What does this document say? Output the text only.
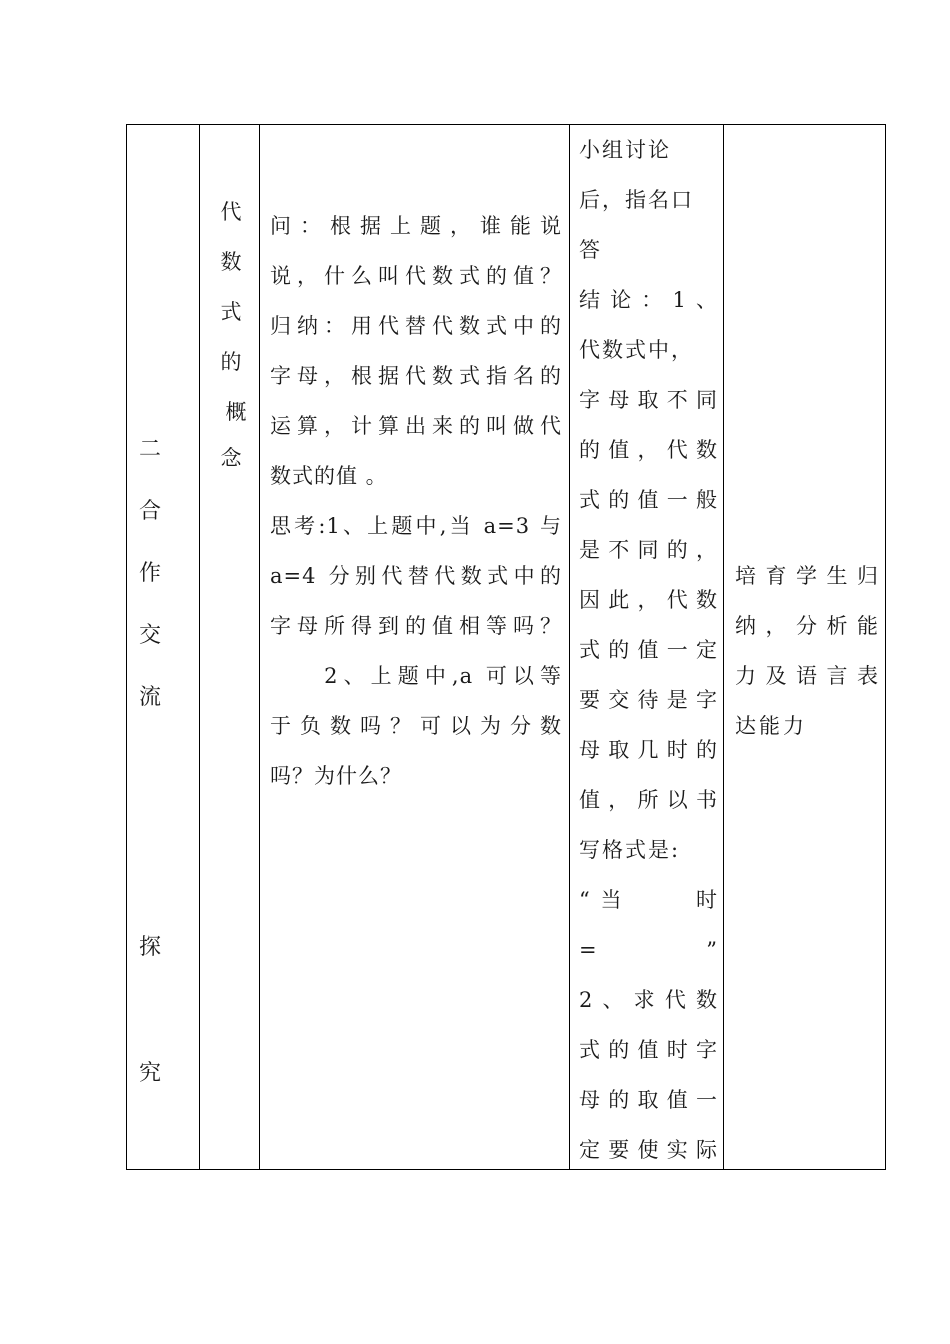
二
合
作
交
流
探
究
代
数
式
的
概
念
问：根据上题，谁能说
说，什么叫代数式的值？
归纳：用代替代数式中的
字母，根据代数式指名的
运算，计算出来的叫做代
数式的值 。
思考:1、上题中,当 a=3 与
a=4 分别代替代数式中的
字母所得到的值相等吗？
　　2、上题中,a 可以等
于负数吗？可以为分数
吗？为什么？
小组讨论
后，指名口
答
结论：1、
代数式中，
字母取不同
的值，代数
式的值一般
是不同的，
因此，代数
式的值一定
要交待是字
母取几时的
值，所以书
写格式是:
“当　　时
=　　　”
2、求代数
式的值时字
母的取值一
定要使实际
培育学生归
纳，分析能
力及语言表
达能力
